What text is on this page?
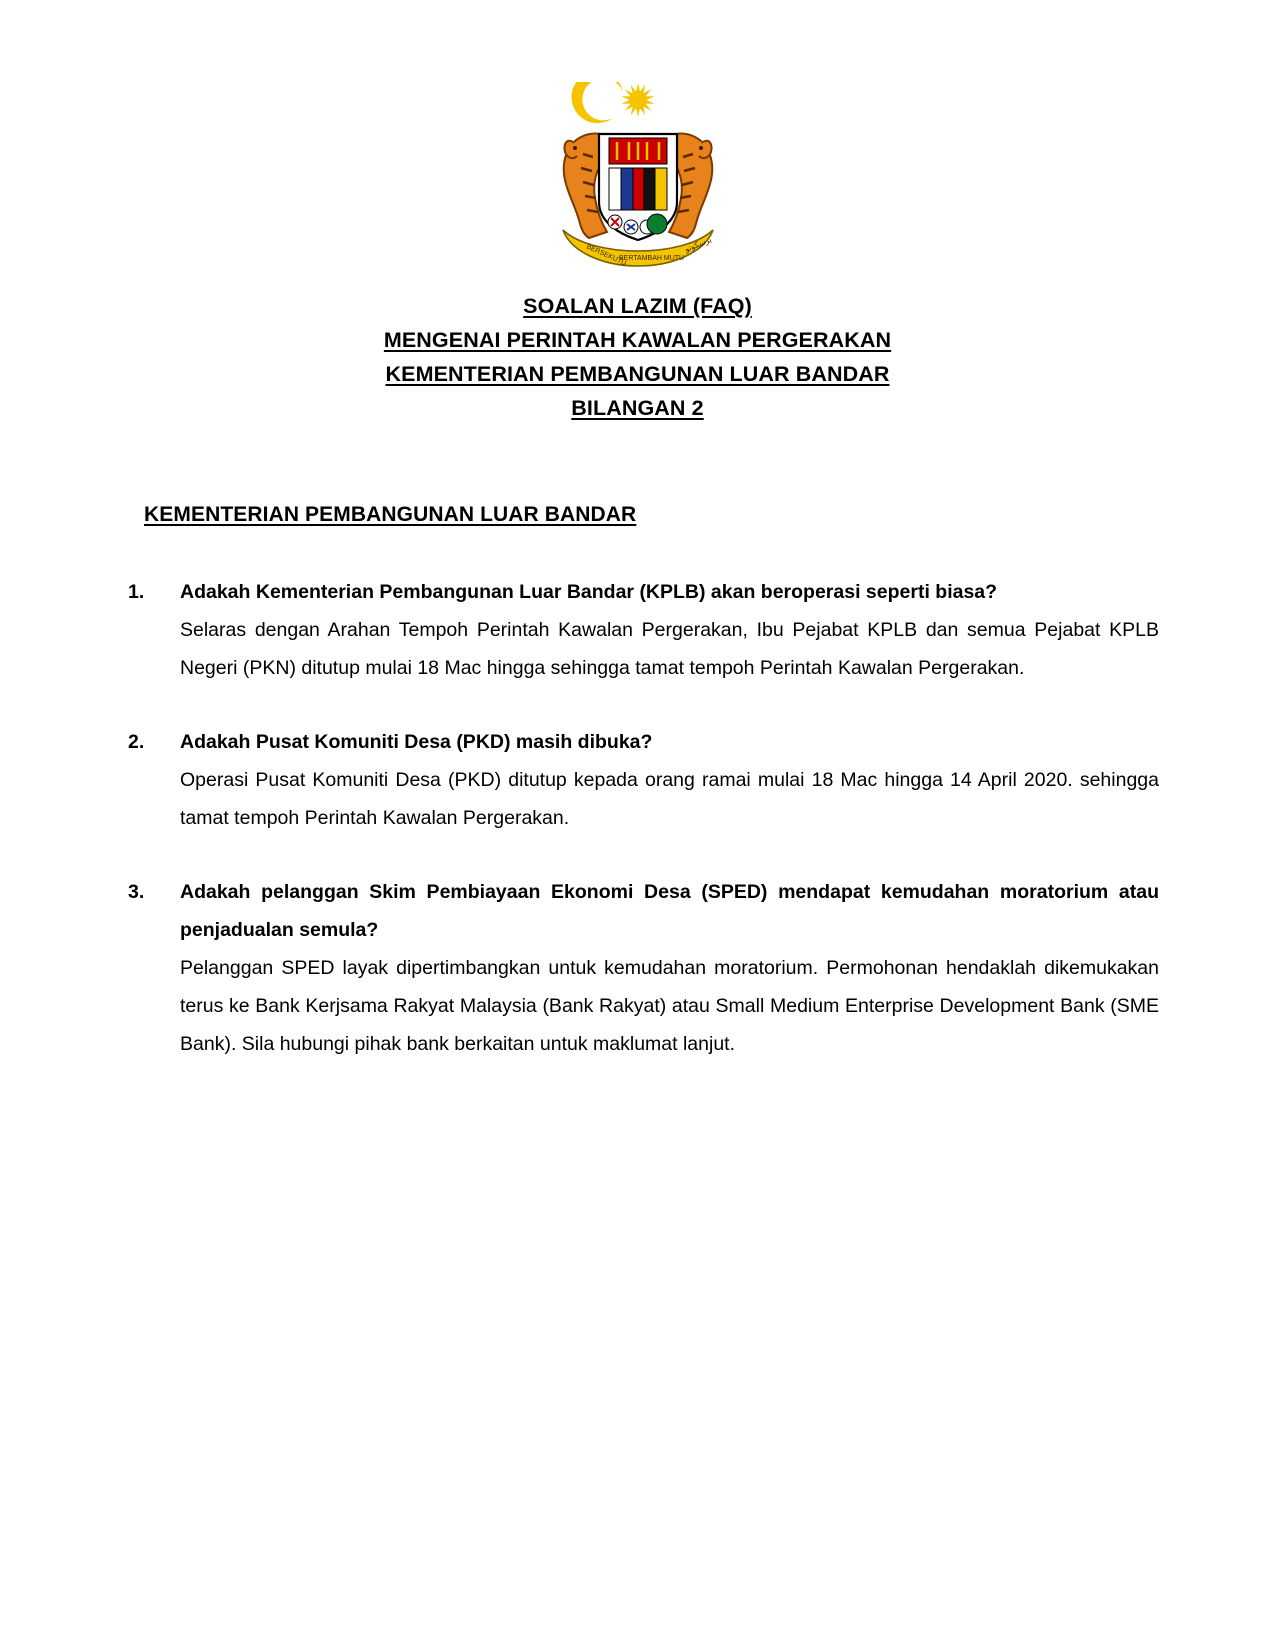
BERSEKUTU
BERTAMBAH MUTU
برسكوتو
SOALAN LAZIM (FAQ)
MENGENAI PERINTAH KAWALAN PERGERAKAN
KEMENTERIAN PEMBANGUNAN LUAR BANDAR
BILANGAN 2
KEMENTERIAN PEMBANGUNAN LUAR BANDAR
1.	Adakah Kementerian Pembangunan Luar Bandar (KPLB) akan beroperasi seperti biasa?

Selaras dengan Arahan Tempoh Perintah Kawalan Pergerakan, Ibu Pejabat KPLB dan semua Pejabat KPLB Negeri (PKN) ditutup mulai 18 Mac hingga sehingga tamat tempoh Perintah Kawalan Pergerakan.

2.	Adakah Pusat Komuniti Desa (PKD) masih dibuka?

Operasi Pusat Komuniti Desa (PKD) ditutup kepada orang ramai mulai 18 Mac hingga 14 April 2020. sehingga tamat tempoh Perintah Kawalan Pergerakan.

3.	Adakah pelanggan Skim Pembiayaan Ekonomi Desa (SPED) mendapat kemudahan moratorium atau penjadualan semula?

Pelanggan SPED layak dipertimbangkan untuk kemudahan moratorium. Permohonan hendaklah dikemukakan terus ke Bank Kerjsama Rakyat Malaysia (Bank Rakyat) atau Small Medium Enterprise Development Bank (SME Bank). Sila hubungi pihak bank berkaitan untuk maklumat lanjut.
